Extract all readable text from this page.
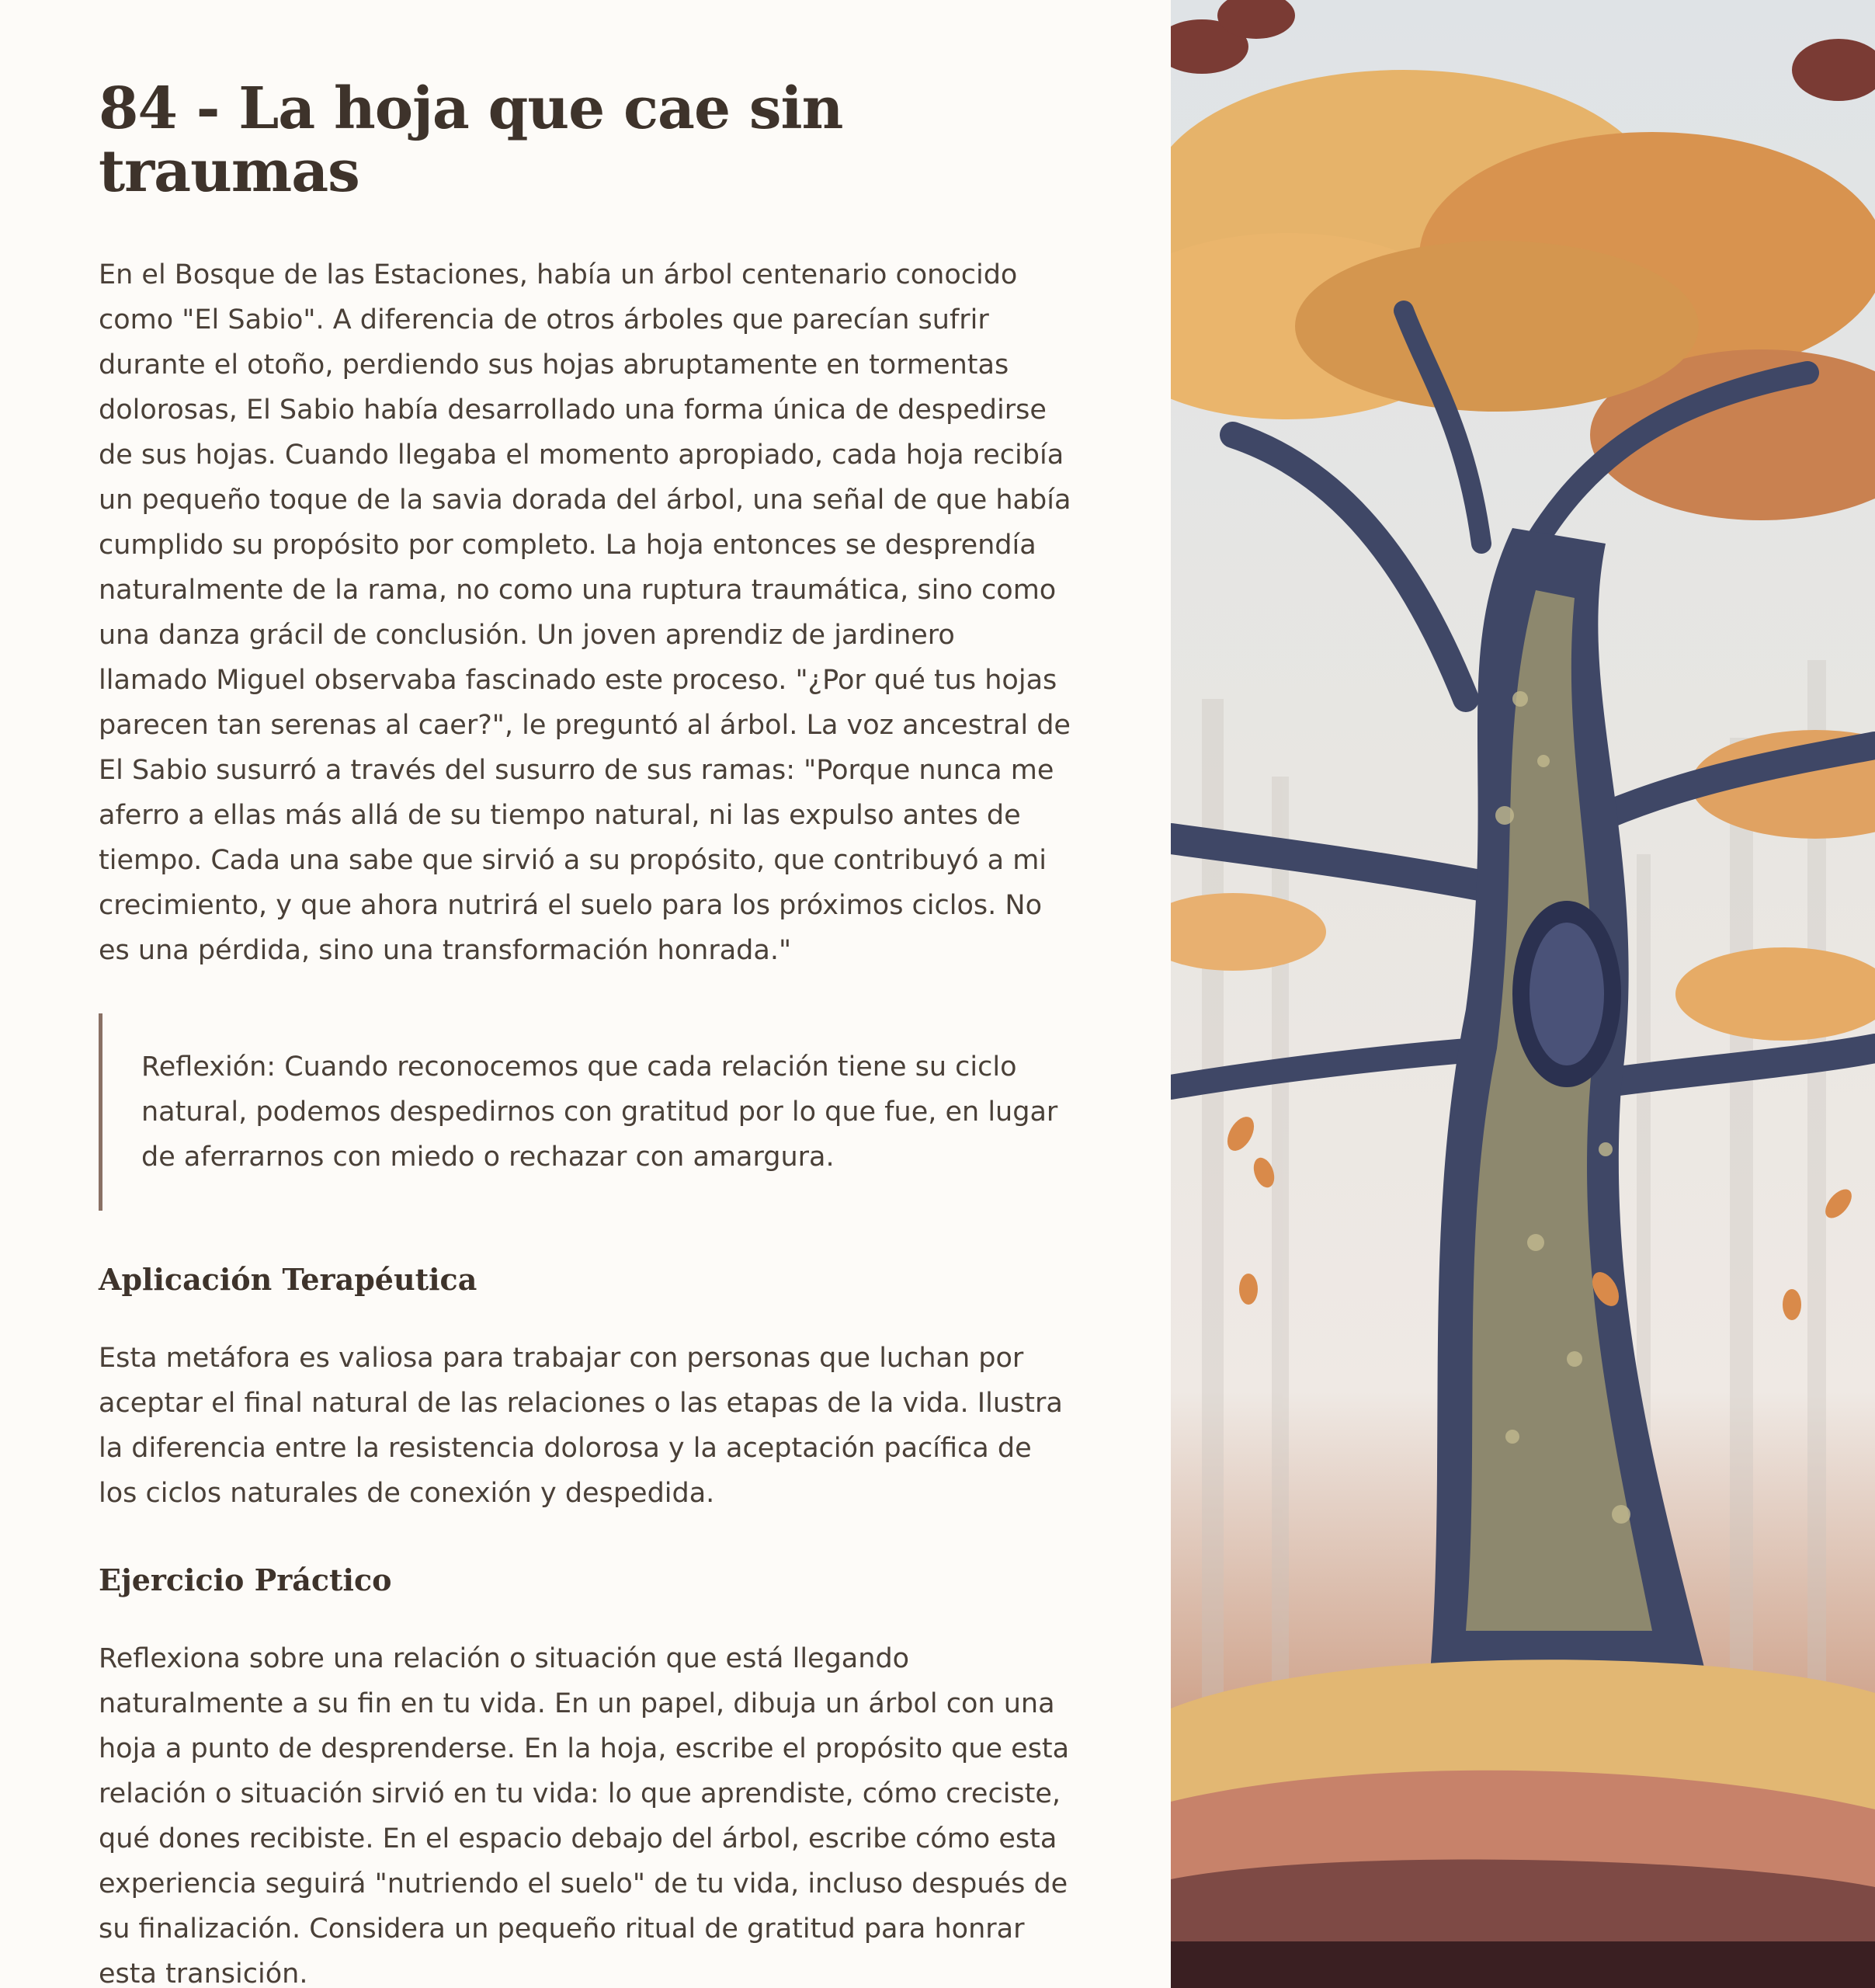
84 - La hoja que cae sin traumas

En el Bosque de las Estaciones, había un árbol centenario conocido como "El Sabio". A diferencia de otros árboles que parecían sufrir durante el otoño, perdiendo sus hojas abruptamente en tormentas dolorosas, El Sabio había desarrollado una forma única de despedirse de sus hojas. Cuando llegaba el momento apropiado, cada hoja recibía un pequeño toque de la savia dorada del árbol, una señal de que había cumplido su propósito por completo. La hoja entonces se desprendía naturalmente de la rama, no como una ruptura traumática, sino como una danza grácil de conclusión. Un joven aprendiz de jardinero llamado Miguel observaba fascinado este proceso. "¿Por qué tus hojas parecen tan serenas al caer?", le preguntó al árbol. La voz ancestral de El Sabio susurró a través del susurro de sus ramas: "Porque nunca me aferro a ellas más allá de su tiempo natural, ni las expulso antes de tiempo. Cada una sabe que sirvió a su propósito, que contribuyó a mi crecimiento, y que ahora nutrirá el suelo para los próximos ciclos. No es una pérdida, sino una transformación honrada."

Reflexión: Cuando reconocemos que cada relación tiene su ciclo natural, podemos despedirnos con gratitud por lo que fue, en lugar de aferrarnos con miedo o rechazar con amargura.

Aplicación Terapéutica

Esta metáfora es valiosa para trabajar con personas que luchan por aceptar el final natural de las relaciones o las etapas de la vida. Ilustra la diferencia entre la resistencia dolorosa y la aceptación pacífica de los ciclos naturales de conexión y despedida.

Ejercicio Práctico

Reflexiona sobre una relación o situación que está llegando naturalmente a su fin en tu vida. En un papel, dibuja un árbol con una hoja a punto de desprenderse. En la hoja, escribe el propósito que esta relación o situación sirvió en tu vida: lo que aprendiste, cómo creciste, qué dones recibiste. En el espacio debajo del árbol, escribe cómo esta experiencia seguirá "nutriendo el suelo" de tu vida, incluso después de su finalización. Considera un pequeño ritual de gratitud para honrar esta transición.
